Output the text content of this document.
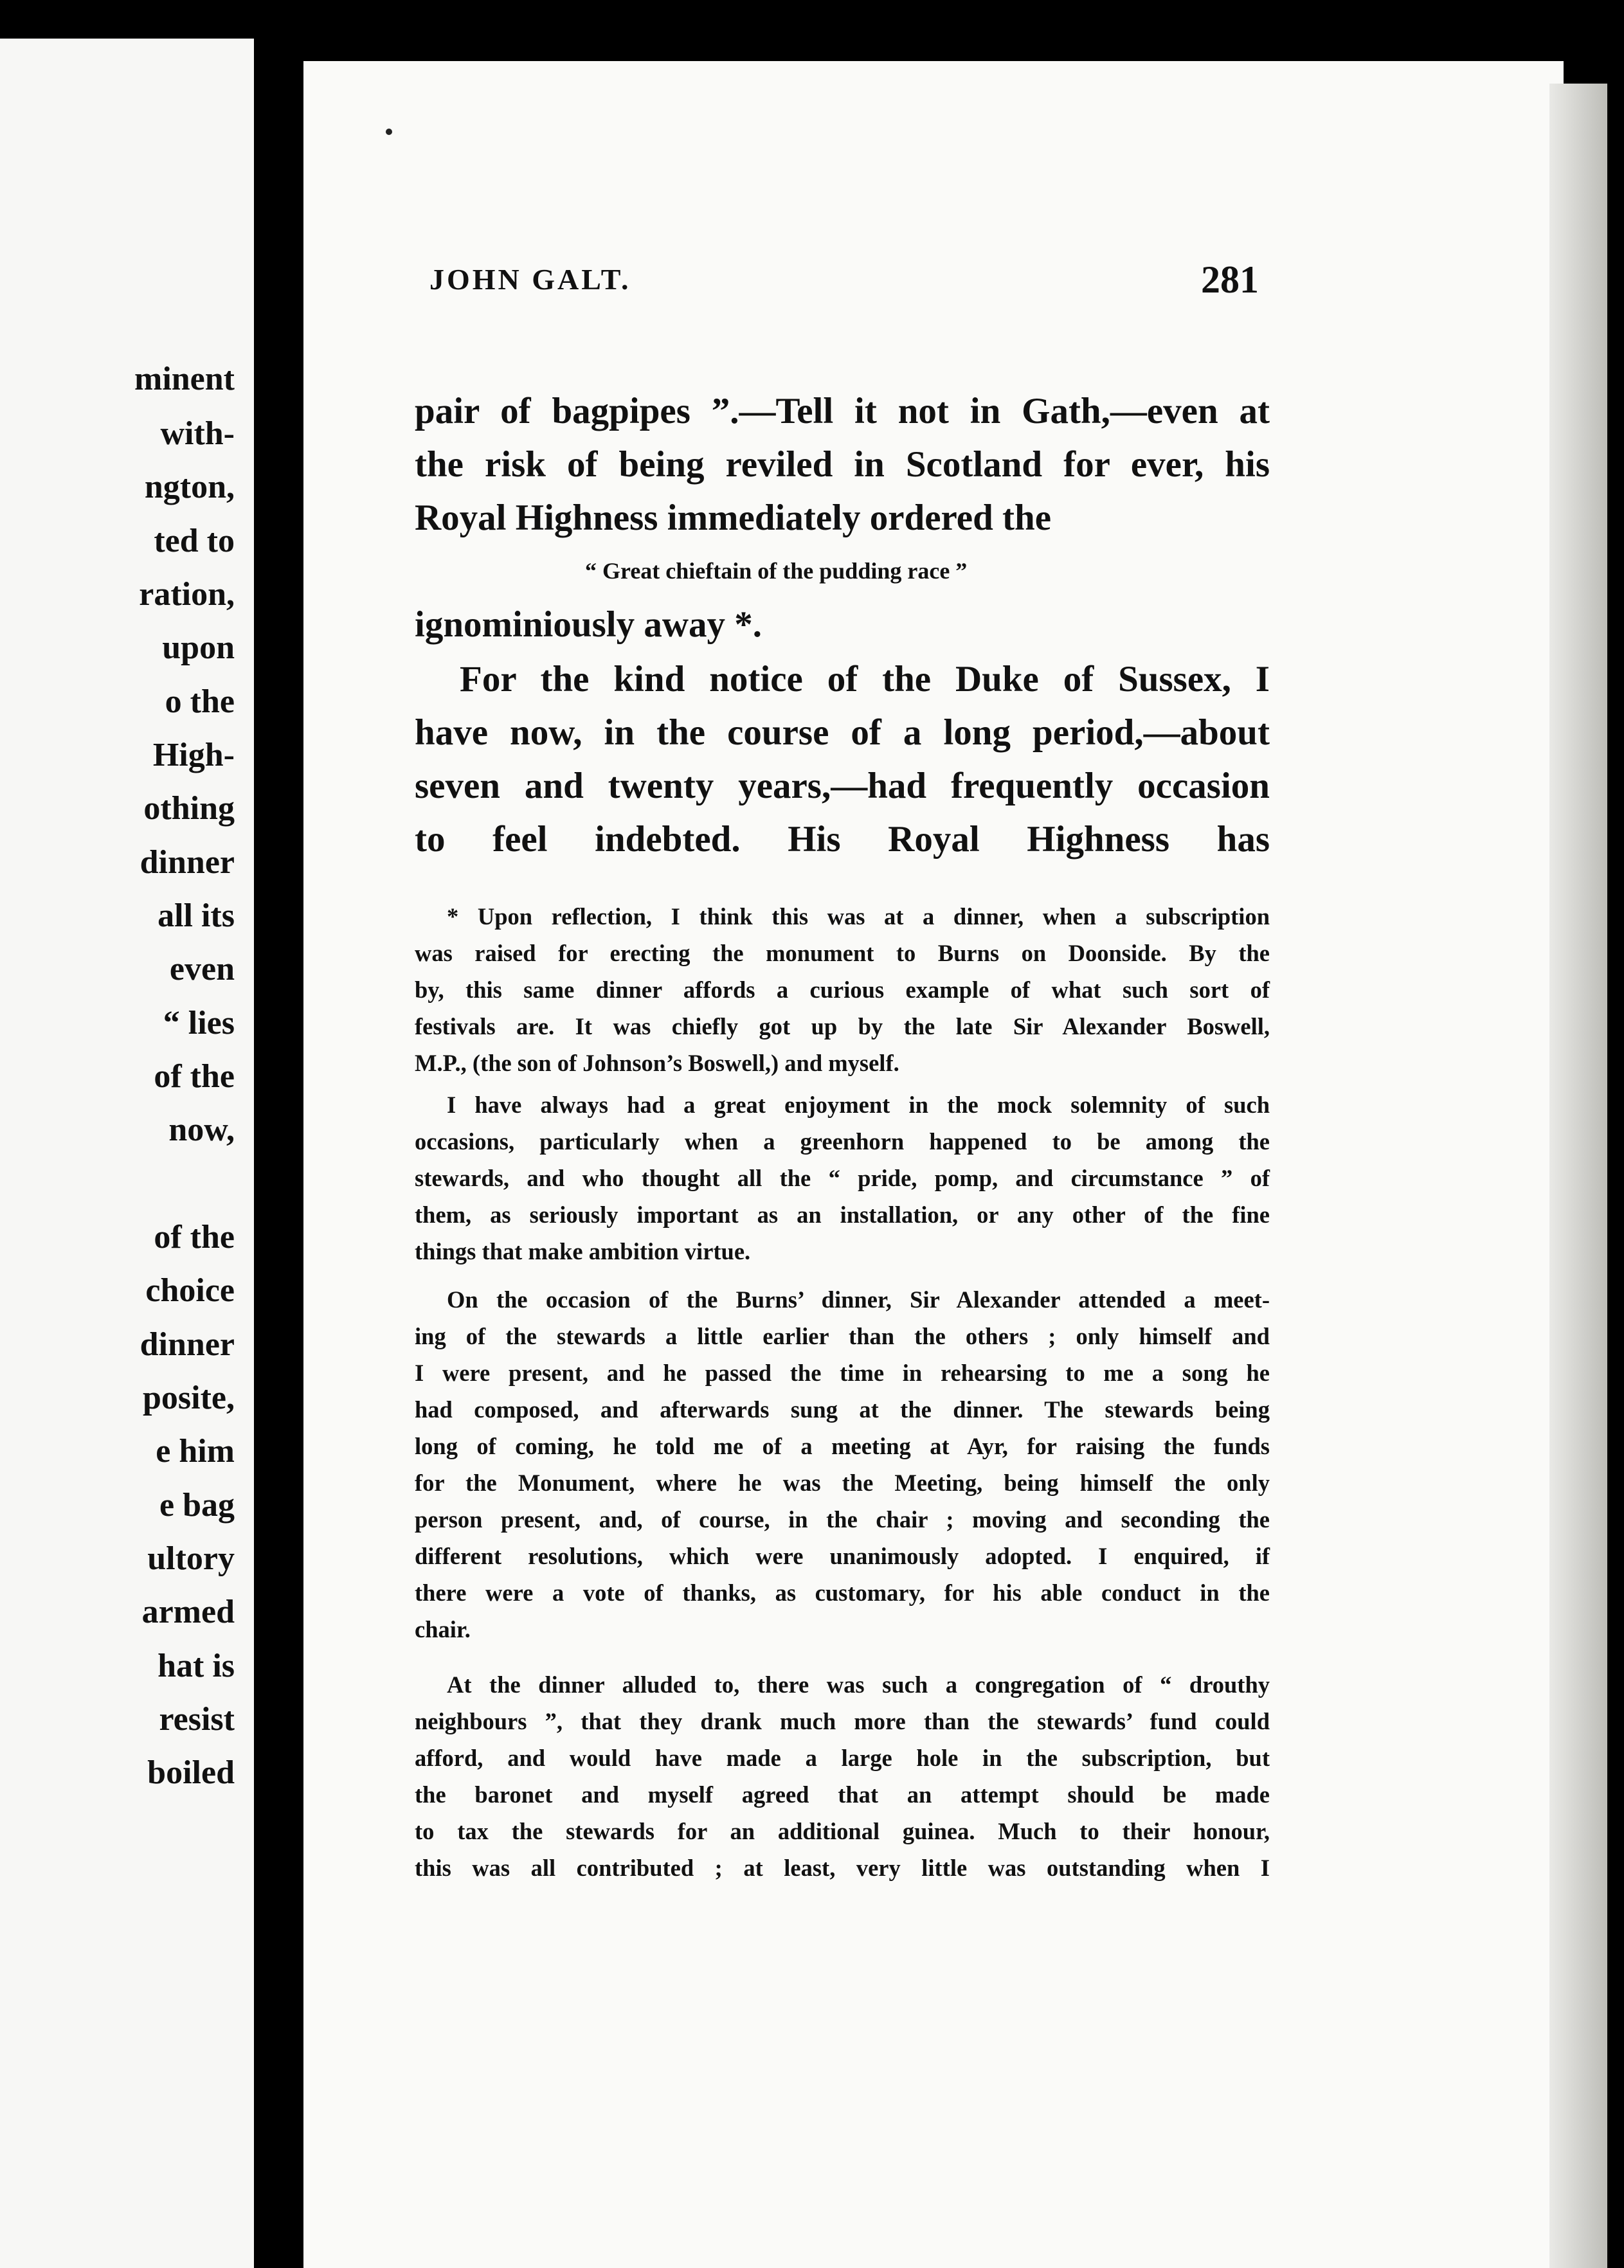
minent
with-
ngton,
ted to
ration,
upon
o the
High-
othing
dinner
all its
even
“ lies
of the
now,
of the
choice
dinner
posite,
e him
e bag
ultory
armed
hat is
resist
boiled
JOHN GALT.	281
pair of bagpipes ”.—Tell it not in Gath,—even at
the risk of being reviled in Scotland for ever, his
Royal Highness immediately ordered the
“ Great chieftain of the pudding race ”
ignominiously away *.
For the kind notice of the Duke of Sussex, I
have now, in the course of a long period,—about
seven and twenty years,—had frequently occasion
to feel indebted. His Royal Highness has
* Upon reflection, I think this was at a dinner, when a subscription
was raised for erecting the monument to Burns on Doonside. By the
by, this same dinner affords a curious example of what such sort of
festivals are. It was chiefly got up by the late Sir Alexander Boswell,
M.P., (the son of Johnson’s Boswell,) and myself.
I have always had a great enjoyment in the mock solemnity of such
occasions, particularly when a greenhorn happened to be among the
stewards, and who thought all the “ pride, pomp, and circumstance ” of
them, as seriously important as an installation, or any other of the fine
things that make ambition virtue.
On the occasion of the Burns’ dinner, Sir Alexander attended a meet-
ing of the stewards a little earlier than the others ; only himself and
I were present, and he passed the time in rehearsing to me a song he
had composed, and afterwards sung at the dinner. The stewards being
long of coming, he told me of a meeting at Ayr, for raising the funds
for the Monument, where he was the Meeting, being himself the only
person present, and, of course, in the chair ; moving and seconding the
different resolutions, which were unanimously adopted. I enquired, if
there were a vote of thanks, as customary, for his able conduct in the
chair.
At the dinner alluded to, there was such a congregation of “ drouthy
neighbours ”, that they drank much more than the stewards’ fund could
afford, and would have made a large hole in the subscription, but
the baronet and myself agreed that an attempt should be made
to tax the stewards for an additional guinea. Much to their honour,
this was all contributed ; at least, very little was outstanding when I
